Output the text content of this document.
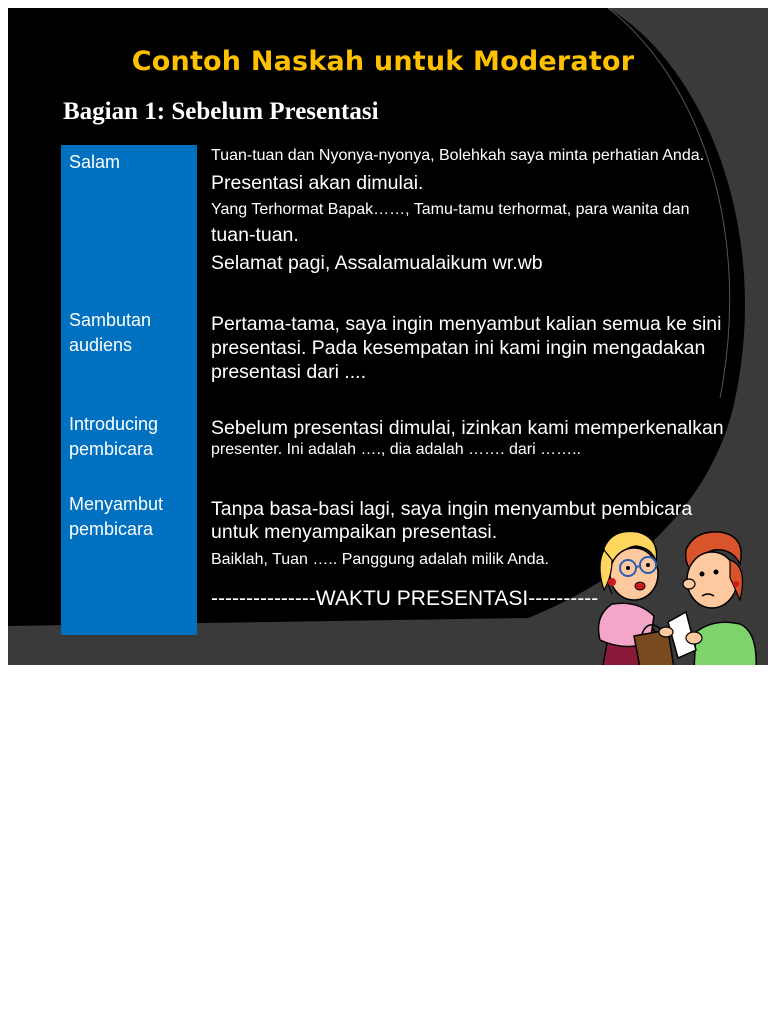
Contoh Naskah untuk Moderator
Bagian 1: Sebelum Presentasi
Salam
Sambutan
audiens
Introducing
pembicara
Menyambut
pembicara
Tuan-tuan dan Nyonya-nyonya, Bolehkah saya minta perhatian Anda.
Presentasi akan dimulai.
Yang Terhormat Bapak……, Tamu-tamu terhormat, para wanita dan
tuan-tuan.
Selamat pagi, Assalamualaikum wr.wb
Pertama-tama, saya ingin menyambut kalian semua ke sini
presentasi. Pada kesempatan ini kami ingin mengadakan
presentasi dari ....
Sebelum presentasi dimulai, izinkan kami memperkenalkan
presenter. Ini adalah …., dia adalah ……. dari ……..
Tanpa basa-basi lagi, saya ingin menyambut pembicara
untuk menyampaikan presentasi.
Baiklah, Tuan ….. Panggung adalah milik Anda.
---------------WAKTU PRESENTASI----------
